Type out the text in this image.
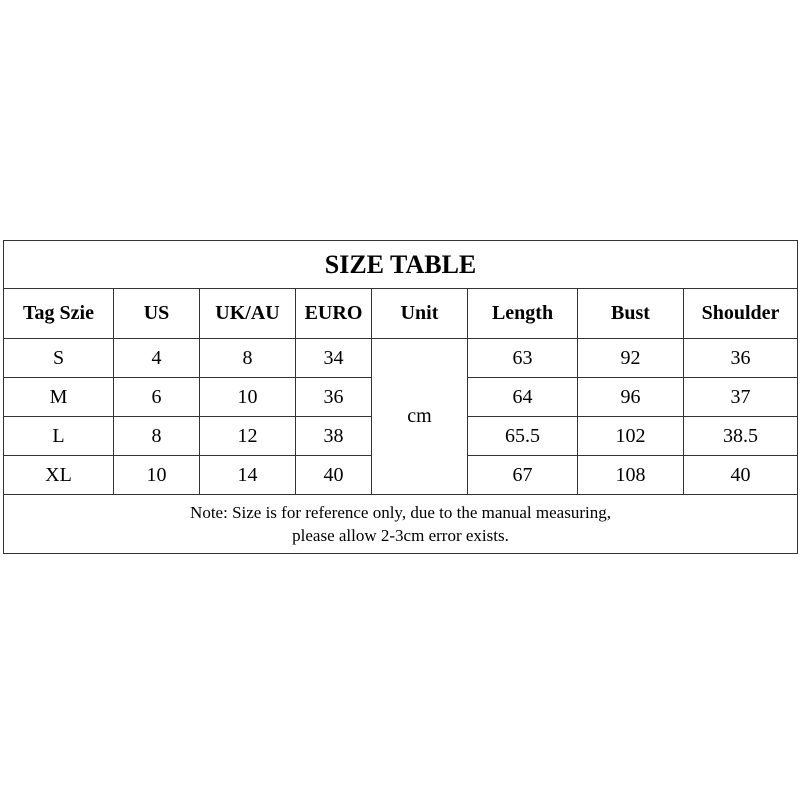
SIZE TABLE							
Tag Szie	US	UK/AU	EURO	Unit	Length	Bust	Shoulder
S	4	8	34	cm	63	92	36
M	6	10	36		64	96	37
L	8	12	38		65.5	102	38.5
XL	10	14	40		67	108	40

Note: Size is for reference only, due to the manual measuring,
please allow 2-3cm error exists.							
